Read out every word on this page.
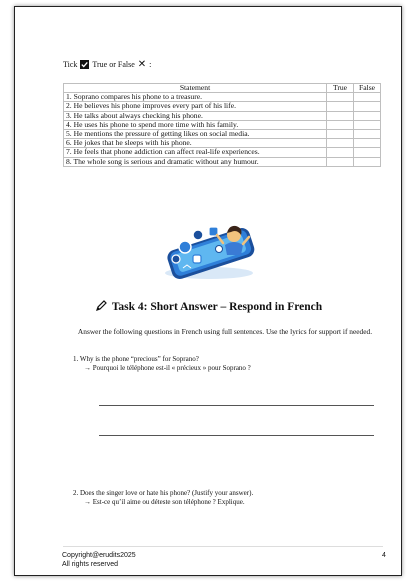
Tick True or False ✕ :
Statement	True	False
1. Soprano compares his phone to a treasure.		
2. He believes his phone improves every part of his life.		
3. He talks about always checking his phone.		
4. He uses his phone to spend more time with his family.		
5. He mentions the pressure of getting likes on social media.		
6. He jokes that he sleeps with his phone.		
7. He feels that phone addiction can affect real-life experiences.		
8. The whole song is serious and dramatic without any humour.		
Task 4: Short Answer – Respond in French
Answer the following questions in French using full sentences. Use the lyrics for support if needed.
1. Why is the phone “precious” for Soprano?
→ Pourquoi le téléphone est-il « précieux » pour Soprano ?
2. Does the singer love or hate his phone? (Justify your answer).
→ Est-ce qu’il aime ou déteste son téléphone ? Explique.
Copyright@erudits2025
All rights reserved
4
